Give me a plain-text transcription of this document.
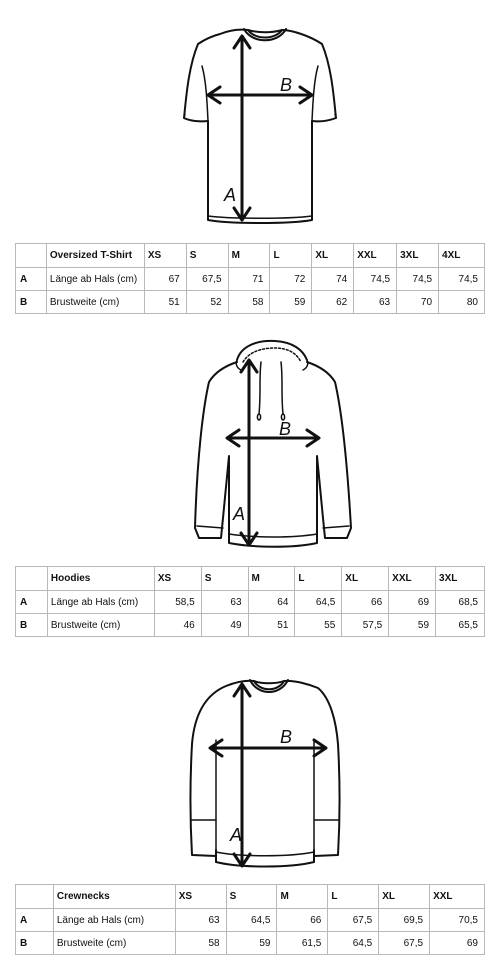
A
B
	Oversized T-Shirt	XS	S	M	L	XL	XXL	3XL	4XL
A	Länge ab Hals (cm)	67	67,5	71	72	74	74,5	74,5	74,5
B	Brustweite (cm)	51	52	58	59	62	63	70	80
A
B
	Hoodies	XS	S	M	L	XL	XXL	3XL
A	Länge ab Hals (cm)	58,5	63	64	64,5	66	69	68,5
B	Brustweite (cm)	46	49	51	55	57,5	59	65,5
A
B
	Crewnecks	XS	S	M	L	XL	XXL
A	Länge ab Hals (cm)	63	64,5	66	67,5	69,5	70,5
B	Brustweite (cm)	58	59	61,5	64,5	67,5	69
